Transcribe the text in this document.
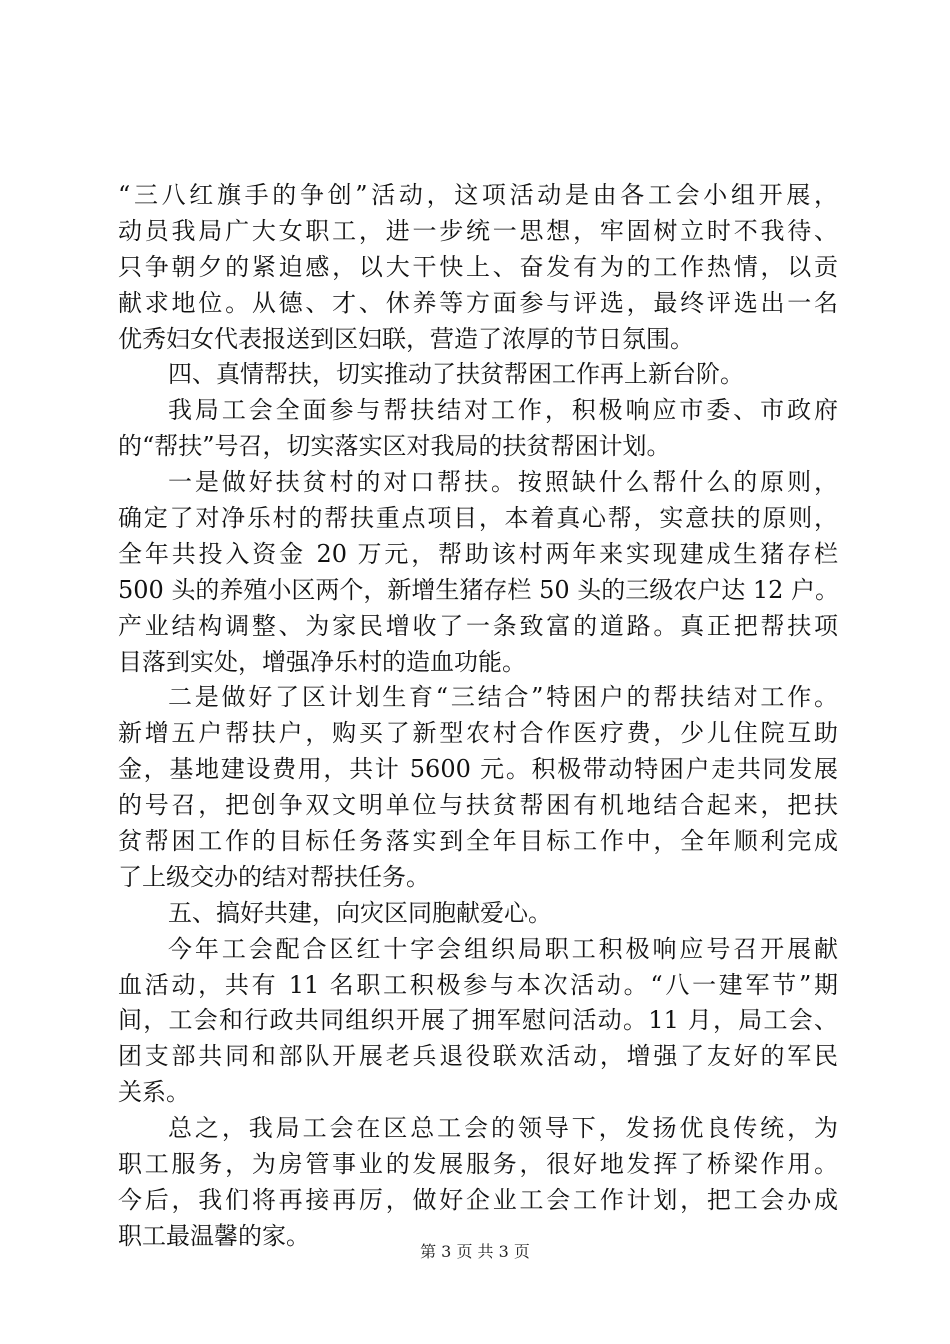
“三八红旗手的争创”活动，这项活动是由各工会小组开展，
动员我局广大女职工，进一步统一思想，牢固树立时不我待、
只争朝夕的紧迫感，以大干快上、奋发有为的工作热情，以贡
献求地位。从德、才、休养等方面参与评选，最终评选出一名
优秀妇女代表报送到区妇联，营造了浓厚的节日氛围。
四、真情帮扶，切实推动了扶贫帮困工作再上新台阶。
我局工会全面参与帮扶结对工作，积极响应市委、市政府
的“帮扶”号召，切实落实区对我局的扶贫帮困计划。
一是做好扶贫村的对口帮扶。按照缺什么帮什么的原则，
确定了对净乐村的帮扶重点项目，本着真心帮，实意扶的原则，
全年共投入资金 20 万元，帮助该村两年来实现建成生猪存栏
500 头的养殖小区两个，新增生猪存栏 50 头的三级农户达 12 户。
产业结构调整、为家民增收了一条致富的道路。真正把帮扶项
目落到实处，增强净乐村的造血功能。
二是做好了区计划生育“三结合”特困户的帮扶结对工作。
新增五户帮扶户，购买了新型农村合作医疗费，少儿住院互助
金，基地建设费用，共计 5600 元。积极带动特困户走共同发展
的号召，把创争双文明单位与扶贫帮困有机地结合起来，把扶
贫帮困工作的目标任务落实到全年目标工作中，全年顺利完成
了上级交办的结对帮扶任务。
五、搞好共建，向灾区同胞献爱心。
今年工会配合区红十字会组织局职工积极响应号召开展献
血活动，共有 11 名职工积极参与本次活动。“八一建军节”期
间，工会和行政共同组织开展了拥军慰问活动。11 月，局工会、
团支部共同和部队开展老兵退役联欢活动，增强了友好的军民
关系。
总之，我局工会在区总工会的领导下，发扬优良传统，为
职工服务，为房管事业的发展服务，很好地发挥了桥梁作用。
今后，我们将再接再厉，做好企业工会工作计划，把工会办成
职工最温馨的家。
第 3 页 共 3 页
